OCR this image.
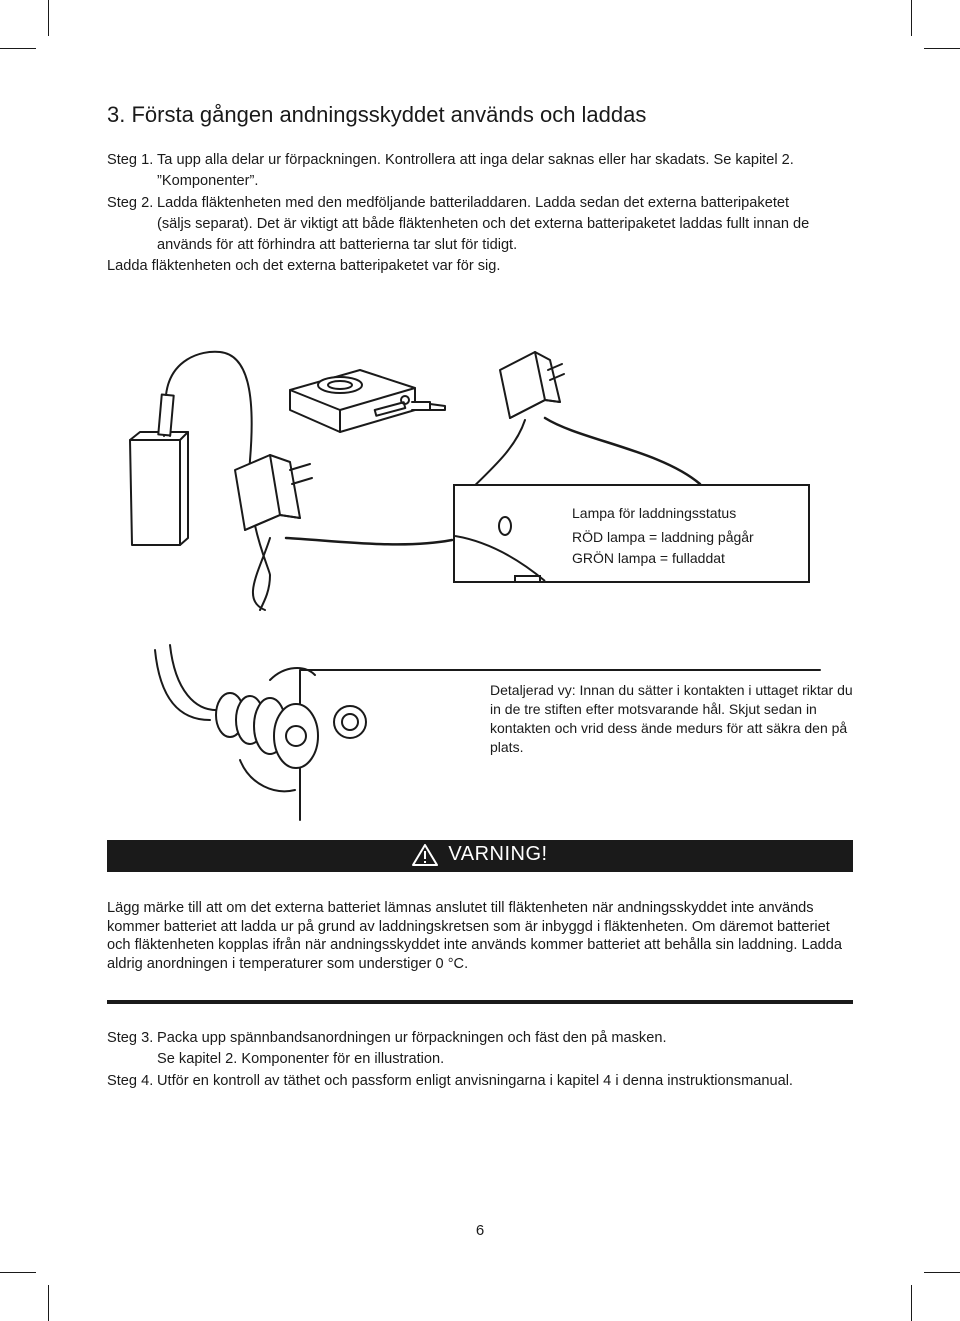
3. Första gången andningsskyddet används och laddas
Steg 1. Ta upp alla delar ur förpackningen. Kontrollera att inga delar saknas eller har skadats. Se kapitel 2.
”Komponenter”.
Steg 2. Ladda fläktenheten med den medföljande batteriladdaren. Ladda sedan det externa batteripaketet
(säljs separat). Det är viktigt att både fläktenheten och det externa batteripaketet laddas fullt innan de
används för att förhindra att batterierna tar slut för tidigt.
Ladda fläktenheten och det externa batteripaketet var för sig.
Lampa för laddningsstatus
RÖD lampa = laddning pågår
GRÖN lampa = fulladdat
Detaljerad vy: Innan du sätter i kontakten i uttaget riktar du in de tre stiften efter motsvarande hål. Skjut sedan in kontakten och vrid dess ände medurs för att säkra den på plats.
VARNING!
Lägg märke till att om det externa batteriet lämnas anslutet till fläktenheten när andningsskyddet inte används kommer batteriet att ladda ur på grund av laddningskretsen som är inbyggd i fläktenheten. Om däremot batteriet och fläktenheten kopplas ifrån när andningsskyddet inte används kommer batteriet att behålla sin laddning. Ladda aldrig anordningen i temperaturer som understiger 0 °C.
Steg 3. Packa upp spännbandsanordningen ur förpackningen och fäst den på masken.
Se kapitel 2. Komponenter för en illustration.
Steg 4. Utför en kontroll av täthet och passform enligt anvisningarna i kapitel 4 i denna instruktionsmanual.
6
